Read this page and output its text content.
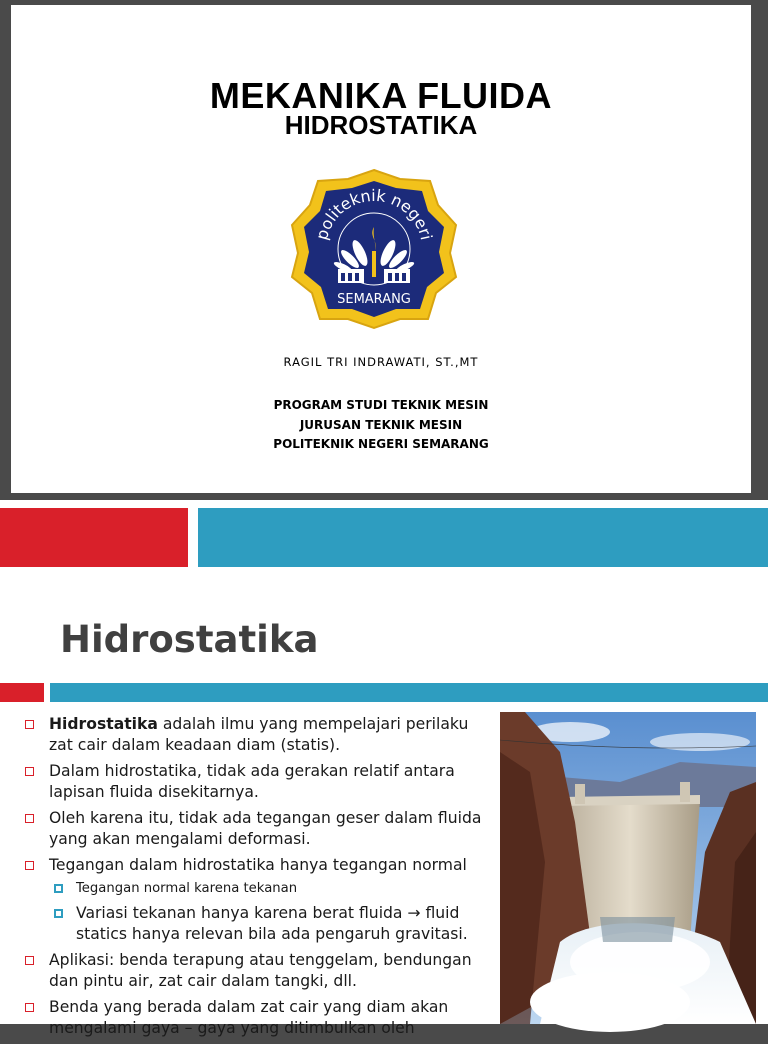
MEKANIKA FLUIDA
HIDROSTATIKA
politeknik negeri
SEMARANG
RAGIL TRI INDRAWATI, ST.,MT
PROGRAM STUDI TEKNIK MESIN
JURUSAN TEKNIK MESIN
POLITEKNIK NEGERI SEMARANG
Hidrostatika
Hidrostatika adalah ilmu yang mempelajari perilaku zat cair dalam keadaan diam (statis).
Dalam hidrostatika, tidak ada gerakan relatif antara lapisan fluida disekitarnya.
Oleh karena itu, tidak ada tegangan geser dalam fluida yang akan mengalami deformasi.
Tegangan dalam hidrostatika hanya tegangan normal
Tegangan normal karena tekanan
Variasi tekanan hanya karena berat fluida → fluid statics hanya relevan bila ada pengaruh gravitasi.
Aplikasi: benda terapung atau tenggelam, bendungan dan pintu air, zat cair dalam tangki, dll.
Benda yang berada dalam zat cair yang diam akan mengalami gaya – gaya yang ditimbulkan oleh
